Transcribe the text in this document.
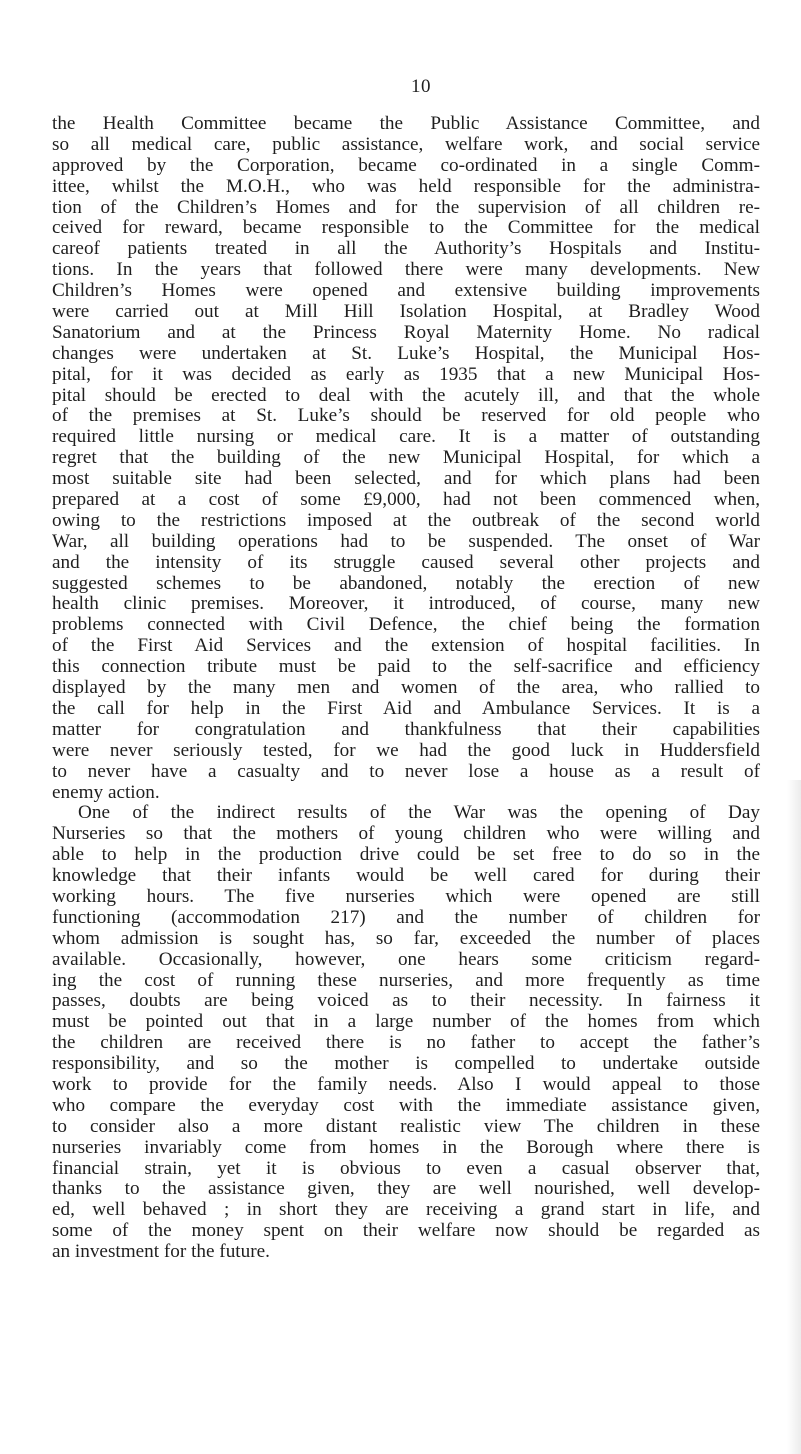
10
the Health Committee became the Public Assistance Committee, and
so all medical care, public assistance, welfare work, and social service
approved by the Corporation, became co-ordinated in a single Comm-
ittee, whilst the M.O.H., who was held responsible for the administra-
tion of the Children’s Homes and for the supervision of all children re-
ceived for reward, became responsible to the Committee for the medical
careof patients treated in all the Authority’s Hospitals and Institu-
tions. In the years that followed there were many developments. New
Children’s Homes were opened and extensive building improvements
were carried out at Mill Hill Isolation Hospital, at Bradley Wood
Sanatorium and at the Princess Royal Maternity Home. No radical
changes were undertaken at St. Luke’s Hospital, the Municipal Hos-
pital, for it was decided as early as 1935 that a new Municipal Hos-
pital should be erected to deal with the acutely ill, and that the whole
of the premises at St. Luke’s should be reserved for old people who
required little nursing or medical care. It is a matter of outstanding
regret that the building of the new Municipal Hospital, for which a
most suitable site had been selected, and for which plans had been
prepared at a cost of some £9,000, had not been commenced when,
owing to the restrictions imposed at the outbreak of the second world
War, all building operations had to be suspended. The onset of War
and the intensity of its struggle caused several other projects and
suggested schemes to be abandoned, notably the erection of new
health clinic premises. Moreover, it introduced, of course, many new
problems connected with Civil Defence, the chief being the formation
of the First Aid Services and the extension of hospital facilities. In
this connection tribute must be paid to the self-sacrifice and efficiency
displayed by the many men and women of the area, who rallied to
the call for help in the First Aid and Ambulance Services. It is a
matter for congratulation and thankfulness that their capabilities
were never seriously tested, for we had the good luck in Huddersfield
to never have a casualty and to never lose a house as a result of
enemy action.
One of the indirect results of the War was the opening of Day
Nurseries so that the mothers of young children who were willing and
able to help in the production drive could be set free to do so in the
knowledge that their infants would be well cared for during their
working hours. The five nurseries which were opened are still
functioning (accommodation 217) and the number of children for
whom admission is sought has, so far, exceeded the number of places
available. Occasionally, however, one hears some criticism regard-
ing the cost of running these nurseries, and more frequently as time
passes, doubts are being voiced as to their necessity. In fairness it
must be pointed out that in a large number of the homes from which
the children are received there is no father to accept the father’s
responsibility, and so the mother is compelled to undertake outside
work to provide for the family needs. Also I would appeal to those
who compare the everyday cost with the immediate assistance given,
to consider also a more distant realistic view The children in these
nurseries invariably come from homes in the Borough where there is
financial strain, yet it is obvious to even a casual observer that,
thanks to the assistance given, they are well nourished, well develop-
ed, well behaved ; in short they are receiving a grand start in life, and
some of the money spent on their welfare now should be regarded as
an investment for the future.
